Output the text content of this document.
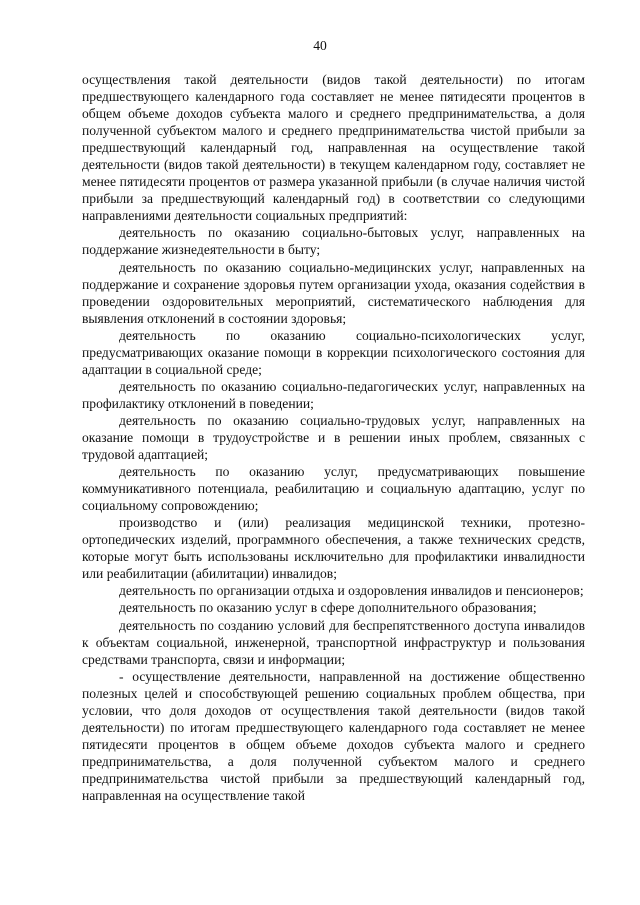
40

осуществления такой деятельности (видов такой деятельности) по итогам предшествующего календарного года составляет не менее пятидесяти процентов в общем объеме доходов субъекта малого и среднего предпринимательства, а доля полученной субъектом малого и среднего предпринимательства чистой прибыли за предшествующий календарный год, направленная на осуществление такой деятельности (видов такой деятельности) в текущем календарном году, составляет не менее пятидесяти процентов от размера указанной прибыли (в случае наличия чистой прибыли за предшествующий календарный год) в соответствии со следующими направлениями деятельности социальных предприятий:

деятельность по оказанию социально-бытовых услуг, направленных на поддержание жизнедеятельности в быту;

деятельность по оказанию социально-медицинских услуг, направленных на поддержание и сохранение здоровья путем организации ухода, оказания содействия в проведении оздоровительных мероприятий, систематического наблюдения для выявления отклонений в состоянии здоровья;

деятельность по оказанию социально-психологических услуг, предусматривающих оказание помощи в коррекции психологического состояния для адаптации в социальной среде;

деятельность по оказанию социально-педагогических услуг, направленных на профилактику отклонений в поведении;

деятельность по оказанию социально-трудовых услуг, направленных на оказание помощи в трудоустройстве и в решении иных проблем, связанных с трудовой адаптацией;

деятельность по оказанию услуг, предусматривающих повышение коммуникативного потенциала, реабилитацию и социальную адаптацию, услуг по социальному сопровождению;

производство и (или) реализация медицинской техники, протезно-ортопедических изделий, программного обеспечения, а также технических средств, которые могут быть использованы исключительно для профилактики инвалидности или реабилитации (абилитации) инвалидов;

деятельность по организации отдыха и оздоровления инвалидов и пенсионеров;

деятельность по оказанию услуг в сфере дополнительного образования;

деятельность по созданию условий для беспрепятственного доступа инвалидов к объектам социальной, инженерной, транспортной инфраструктур и пользования средствами транспорта, связи и информации;

- осуществление деятельности, направленной на достижение общественно полезных целей и способствующей решению социальных проблем общества, при условии, что доля доходов от осуществления такой деятельности (видов такой деятельности) по итогам предшествующего календарного года составляет не менее пятидесяти процентов в общем объеме доходов субъекта малого и среднего предпринимательства, а доля полученной субъектом малого и среднего предпринимательства чистой прибыли за предшествующий календарный год, направленная на осуществление такой
